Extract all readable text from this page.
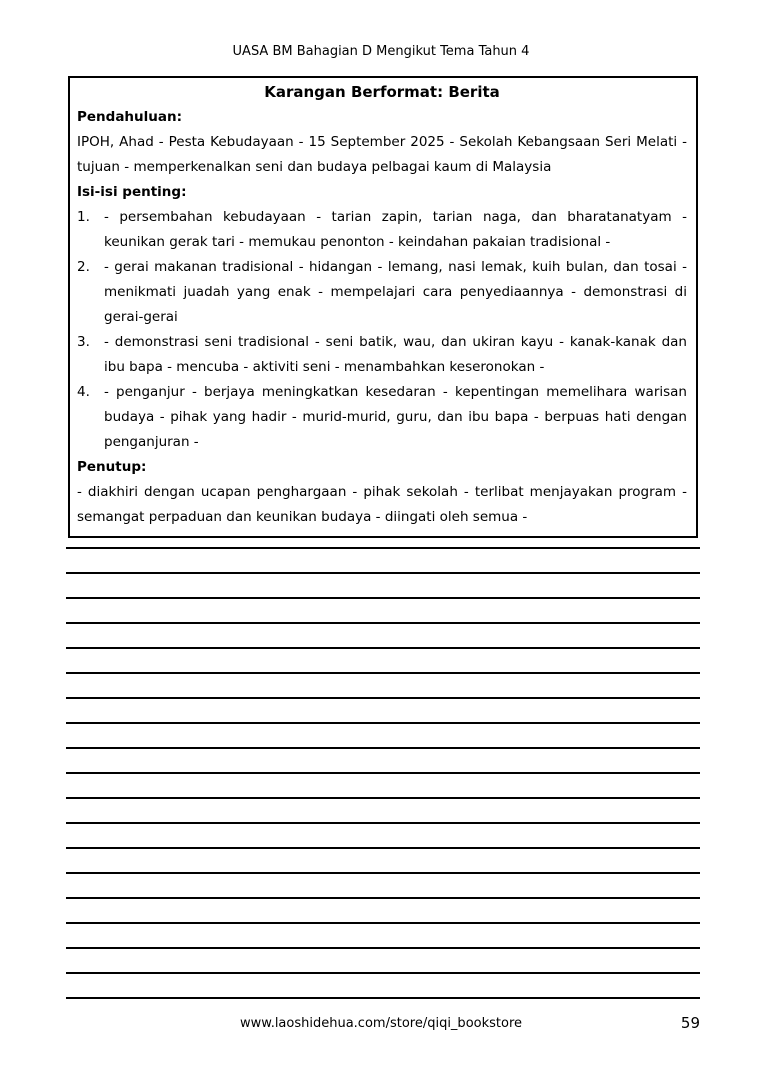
UASA BM Bahagian D Mengikut Tema Tahun 4
Karangan Berformat: Berita
Pendahuluan:
IPOH, Ahad - Pesta Kebudayaan - 15 September 2025 - Sekolah Kebangsaan Seri Melati - tujuan - memperkenalkan seni dan budaya pelbagai kaum di Malaysia
Isi-isi penting:
1.	- persembahan kebudayaan - tarian zapin, tarian naga, dan bharatanatyam - keunikan gerak tari - memukau penonton - keindahan pakaian tradisional -
2.	- gerai makanan tradisional - hidangan - lemang, nasi lemak, kuih bulan, dan tosai - menikmati juadah yang enak - mempelajari cara penyediaannya - demonstrasi di gerai-gerai
3.	- demonstrasi seni tradisional - seni batik, wau, dan ukiran kayu - kanak-kanak dan ibu bapa - mencuba - aktiviti seni - menambahkan keseronokan -
4.	- penganjur - berjaya meningkatkan kesedaran - kepentingan memelihara warisan budaya - pihak yang hadir - murid-murid, guru, dan ibu bapa - berpuas hati dengan penganjuran -
Penutup:
- diakhiri dengan ucapan penghargaan - pihak sekolah - terlibat menjayakan program - semangat perpaduan dan keunikan budaya - diingati oleh semua -
www.laoshidehua.com/store/qiqi_bookstore	59
